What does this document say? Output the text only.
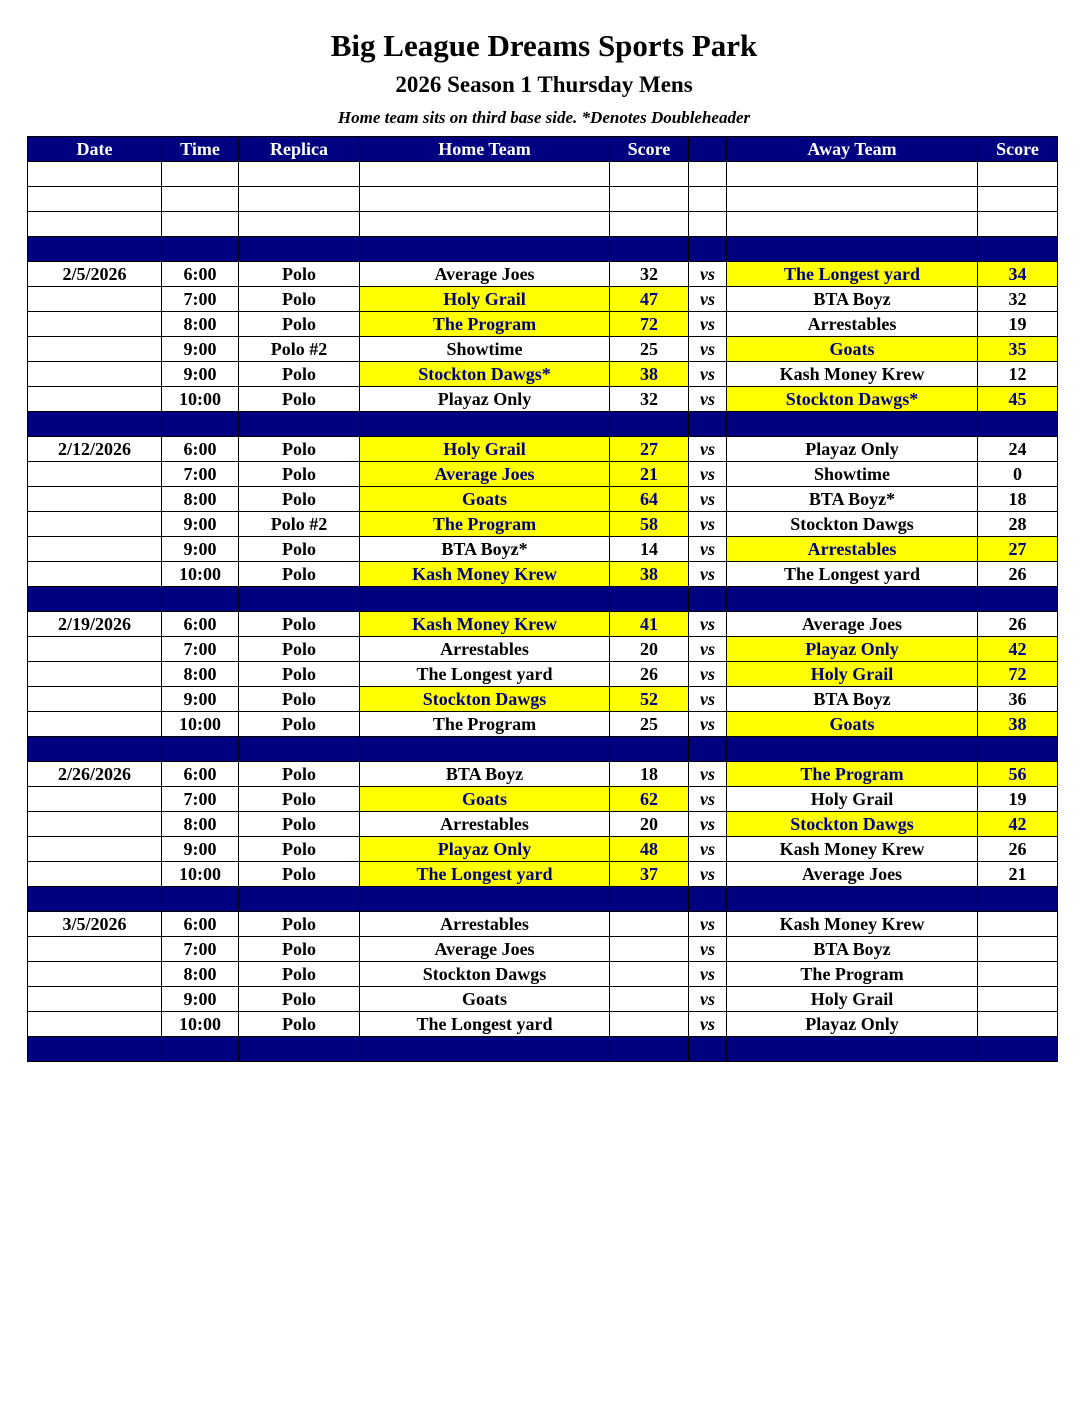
Big League Dreams Sports Park
2026 Season 1 Thursday Mens
Home team sits on third base side. *Denotes Doubleheader
Date	Time	Replica	Home Team	Score		Away Team	Score

2/5/2026	6:00	Polo	Average Joes	32	vs	The Longest yard	34
	7:00	Polo	Holy Grail	47	vs	BTA Boyz	32
	8:00	Polo	The Program	72	vs	Arrestables	19
	9:00	Polo #2	Showtime	25	vs	Goats	35
	9:00	Polo	Stockton Dawgs*	38	vs	Kash Money Krew	12
	10:00	Polo	Playaz Only	32	vs	Stockton Dawgs*	45

2/12/2026	6:00	Polo	Holy Grail	27	vs	Playaz Only	24
	7:00	Polo	Average Joes	21	vs	Showtime	0
	8:00	Polo	Goats	64	vs	BTA Boyz*	18
	9:00	Polo #2	The Program	58	vs	Stockton Dawgs	28
	9:00	Polo	BTA Boyz*	14	vs	Arrestables	27
	10:00	Polo	Kash Money Krew	38	vs	The Longest yard	26

2/19/2026	6:00	Polo	Kash Money Krew	41	vs	Average Joes	26
	7:00	Polo	Arrestables	20	vs	Playaz Only	42
	8:00	Polo	The Longest yard	26	vs	Holy Grail	72
	9:00	Polo	Stockton Dawgs	52	vs	BTA Boyz	36
	10:00	Polo	The Program	25	vs	Goats	38

2/26/2026	6:00	Polo	BTA Boyz	18	vs	The Program	56
	7:00	Polo	Goats	62	vs	Holy Grail	19
	8:00	Polo	Arrestables	20	vs	Stockton Dawgs	42
	9:00	Polo	Playaz Only	48	vs	Kash Money Krew	26
	10:00	Polo	The Longest yard	37	vs	Average Joes	21

3/5/2026	6:00	Polo	Arrestables		vs	Kash Money Krew	
	7:00	Polo	Average Joes		vs	BTA Boyz	
	8:00	Polo	Stockton Dawgs		vs	The Program	
	9:00	Polo	Goats		vs	Holy Grail	
	10:00	Polo	The Longest yard		vs	Playaz Only	
